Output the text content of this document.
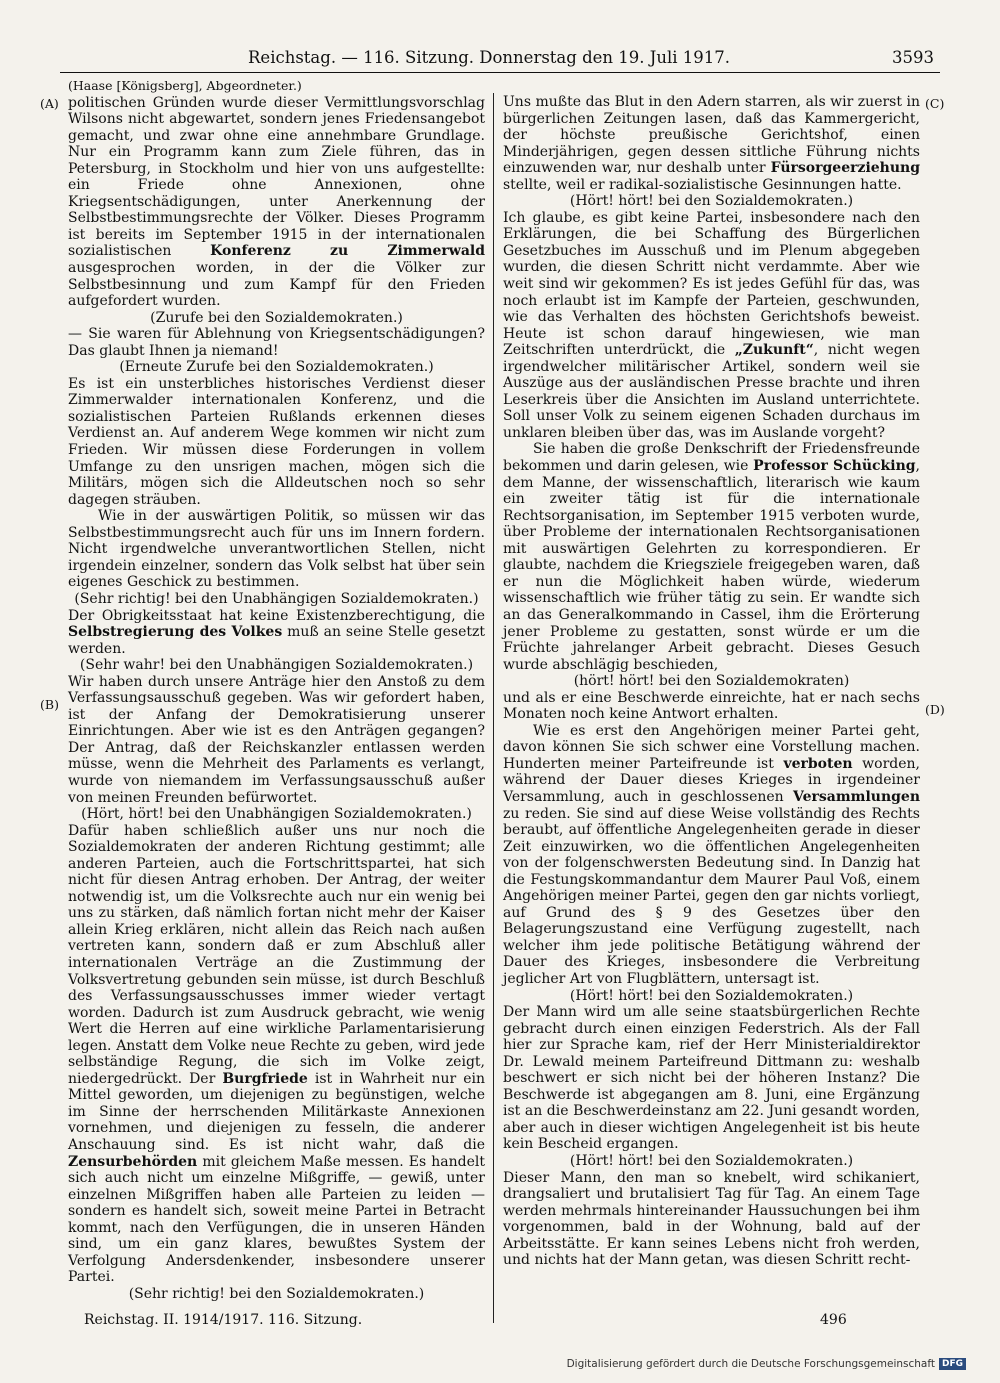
Reichstag. — 116. Sitzung. Donnerstag den 19. Juli 1917.	3593
(A)
(B)
(C)
(D)

(Haase [Königsberg], Abgeordneter.)

politischen Gründen wurde dieser Vermittlungsvorschlag Wilsons nicht abgewartet, sondern jenes Friedensangebot gemacht, und zwar ohne eine annehmbare Grundlage. Nur ein Programm kann zum Ziele führen, das in Petersburg, in Stockholm und hier von uns aufgestellte: ein Friede ohne Annexionen, ohne Kriegsentschädigungen, unter Anerkennung der Selbstbestimmungsrechte der Völker. Dieses Programm ist bereits im September 1915 in der internationalen sozialistischen	Konferenz zu Zimmerwald ausgesprochen worden, in der die Völker zur Selbstbesinnung und zum Kampf für den Frieden aufgefordert wurden.

(Zurufe bei den Sozialdemokraten.)

— Sie waren für Ablehnung von Kriegsentschädigungen? Das glaubt Ihnen ja niemand!

(Erneute Zurufe bei den Sozialdemokraten.)

Es ist ein unsterbliches historisches Verdienst dieser Zimmerwalder internationalen Konferenz, und die sozialistischen Parteien Rußlands erkennen dieses Verdienst an. Auf anderem Wege kommen wir nicht zum Frieden. Wir müssen diese Forderungen in vollem Umfange zu den unsrigen machen, mögen sich die Militärs, mögen sich die Alldeutschen noch so sehr dagegen sträuben.

Wie in der auswärtigen Politik, so müssen wir das Selbstbestimmungsrecht auch für uns im Innern fordern. Nicht irgendwelche unverantwortlichen Stellen, nicht irgendein einzelner, sondern das Volk selbst hat über sein eigenes Geschick zu bestimmen.

(Sehr richtig! bei den Unabhängigen Sozialdemokraten.)

Der Obrigkeitsstaat hat keine Existenzberechtigung, die Selbstregierung des Volkes muß an seine Stelle gesetzt werden.

(Sehr wahr! bei den Unabhängigen Sozialdemokraten.)

Wir haben durch unsere Anträge hier den Anstoß zu dem Verfassungsausschuß gegeben. Was wir gefordert haben, ist der Anfang der Demokratisierung unserer Einrichtungen. Aber wie ist es den Anträgen gegangen? Der Antrag, daß der Reichskanzler entlassen werden müsse, wenn die Mehrheit des Parlaments es verlangt, wurde von niemandem im Verfassungsausschuß außer von meinen Freunden befürwortet.

(Hört, hört! bei den Unabhängigen Sozialdemokraten.)

Dafür haben schließlich außer uns nur noch die Sozialdemokraten der anderen Richtung gestimmt; alle anderen Parteien, auch die Fortschrittspartei, hat sich nicht für diesen Antrag erhoben. Der Antrag, der weiter notwendig ist, um die Volksrechte auch nur ein wenig bei uns zu stärken, daß nämlich fortan nicht mehr der Kaiser allein Krieg erklären, nicht allein das Reich nach außen vertreten kann, sondern daß er zum Abschluß aller internationalen Verträge an die Zustimmung der Volksvertretung gebunden sein müsse, ist durch Beschluß des Verfassungsausschusses immer wieder vertagt worden. Dadurch ist zum Ausdruck gebracht, wie wenig Wert die Herren auf eine wirkliche Parlamentarisierung legen. Anstatt dem Volke neue Rechte zu geben, wird jede selbständige Regung, die sich im Volke zeigt, niedergedrückt. Der Burgfriede ist in Wahrheit nur ein Mittel geworden, um diejenigen zu begünstigen, welche im Sinne der herrschenden Militärkaste Annexionen vornehmen, und diejenigen zu fesseln, die anderer Anschauung sind. Es ist nicht wahr, daß die Zensurbehörden mit gleichem Maße messen. Es handelt sich auch nicht um einzelne Mißgriffe, — gewiß, unter einzelnen Mißgriffen haben alle Parteien zu leiden — sondern es handelt sich, soweit meine Partei in Betracht kommt, nach den Verfügungen, die in unseren Händen sind, um ein ganz klares, bewußtes System der Verfolgung Andersdenkender, insbesondere unserer Partei.

(Sehr richtig! bei den Sozialdemokraten.)

Uns mußte das Blut in den Adern starren, als wir zuerst in bürgerlichen Zeitungen lasen, daß das Kammergericht, der höchste preußische Gerichtshof, einen Minderjährigen, gegen dessen sittliche Führung nichts einzuwenden war, nur deshalb unter Fürsorgeerziehung stellte, weil er radikal-sozialistische Gesinnungen hatte.

(Hört! hört! bei den Sozialdemokraten.)

Ich glaube, es gibt keine Partei, insbesondere nach den Erklärungen, die bei Schaffung des Bürgerlichen Gesetzbuches im Ausschuß und im Plenum abgegeben wurden, die diesen Schritt nicht verdammte. Aber wie weit sind wir gekommen? Es ist jedes Gefühl für das, was noch erlaubt ist im Kampfe der Parteien, geschwunden, wie das Verhalten des höchsten Gerichtshofs beweist. Heute ist schon darauf hingewiesen, wie man Zeitschriften unterdrückt, die „Zukunft“, nicht wegen irgendwelcher militärischer Artikel, sondern weil sie Auszüge aus der ausländischen Presse brachte und ihren Leserkreis über die Ansichten im Ausland unterrichtete. Soll unser Volk zu seinem eigenen Schaden durchaus im unklaren bleiben über das, was im Auslande vorgeht?

Sie haben die große Denkschrift der Friedensfreunde bekommen und darin gelesen, wie Professor Schücking, dem Manne, der wissenschaftlich, literarisch wie kaum ein zweiter tätig ist für die internationale Rechtsorganisation, im September 1915 verboten wurde, über Probleme der internationalen Rechtsorganisationen mit auswärtigen Gelehrten zu korrespondieren. Er glaubte, nachdem die Kriegsziele freigegeben waren, daß er nun die Möglichkeit haben würde, wiederum wissenschaftlich wie früher tätig zu sein. Er wandte sich an das Generalkommando in Cassel, ihm die Erörterung jener Probleme zu gestatten, sonst würde er um die Früchte jahrelanger Arbeit gebracht. Dieses Gesuch wurde abschlägig beschieden,

(hört! hört! bei den Sozialdemokraten)

und als er eine Beschwerde einreichte, hat er nach sechs Monaten noch keine Antwort erhalten.

Wie es erst den Angehörigen meiner Partei geht, davon können Sie sich schwer eine Vorstellung machen. Hunderten meiner Parteifreunde ist verboten worden, während der Dauer dieses Krieges in irgendeiner Versammlung, auch in geschlossenen Versammlungen zu reden. Sie sind auf diese Weise vollständig des Rechts beraubt, auf öffentliche Angelegenheiten gerade in dieser Zeit einzuwirken, wo die öffentlichen Angelegenheiten von der folgenschwersten Bedeutung sind. In Danzig hat die Festungskommandantur dem Maurer Paul Voß, einem Angehörigen meiner Partei, gegen den gar nichts vorliegt, auf Grund des § 9 des Gesetzes über den Belagerungszustand eine Verfügung zugestellt, nach welcher ihm jede politische Betätigung während der Dauer des Krieges, insbesondere die Verbreitung jeglicher Art von Flugblättern, untersagt ist.

(Hört! hört! bei den Sozialdemokraten.)

Der Mann wird um alle seine staatsbürgerlichen Rechte gebracht durch einen einzigen Federstrich. Als der Fall hier zur Sprache kam, rief der Herr Ministerialdirektor Dr. Lewald meinem Parteifreund Dittmann zu: weshalb beschwert er sich nicht bei der höheren Instanz? Die Beschwerde ist abgegangen am 8. Juni, eine Ergänzung ist an die Beschwerdeinstanz am 22. Juni gesandt worden, aber auch in dieser wichtigen Angelegenheit ist bis heute kein Bescheid ergangen.

(Hört! hört! bei den Sozialdemokraten.)

Dieser Mann, den man so knebelt, wird schikaniert, drangsaliert und brutalisiert Tag für Tag. An einem Tage werden mehrmals hintereinander Haussuchungen bei ihm vorgenommen, bald in der Wohnung, bald auf der Arbeitsstätte. Er kann seines Lebens nicht froh werden, und nichts hat der Mann getan, was diesen Schritt recht-

Reichstag. II. 1914/1917. 116. Sitzung.	496
Digitalisierung gefördert durch die Deutsche Forschungsgemeinschaft DFG
